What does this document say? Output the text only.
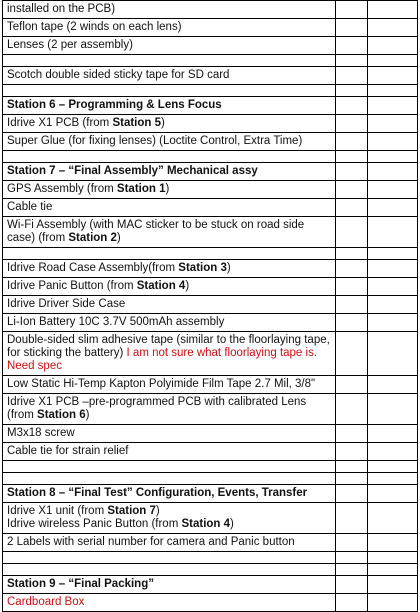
installed on the PCB)		
Teflon tape (2 winds on each lens)		
Lenses (2 per assembly)		

Scotch double sided sticky tape for SD card		

Station 6 – Programming & Lens Focus		
Idrive X1 PCB (from Station 5)		
Super Glue (for fixing lenses) (Loctite Control, Extra Time)		

Station 7 – “Final Assembly” Mechanical assy		
GPS Assembly (from Station 1)		
Cable tie		
Wi-Fi Assembly (with MAC sticker to be stuck on road side case) (from Station 2)		

Idrive Road Case Assembly(from Station 3)		
Idrive Panic Button (from Station 4)		
Idrive Driver Side Case		
Li-Ion Battery 10C 3.7V 500mAh assembly		
Double-sided slim adhesive tape (similar to the floorlaying tape, for sticking the battery) I am not sure what floorlaying tape is. Need spec		
Low Static Hi-Temp Kapton Polyimide Film Tape 2.7 Mil, 3/8"		
Idrive X1 PCB –pre-programmed PCB with calibrated Lens (from Station 6)		
M3x18 screw		
Cable tie for strain relief		

Station 8 – “Final Test” Configuration, Events, Transfer		
Idrive X1 unit (from Station 7)
Idrive wireless Panic Button (from Station 4)		
2 Labels with serial number for camera and Panic button		

Station 9 – “Final Packing”		
Cardboard Box		
